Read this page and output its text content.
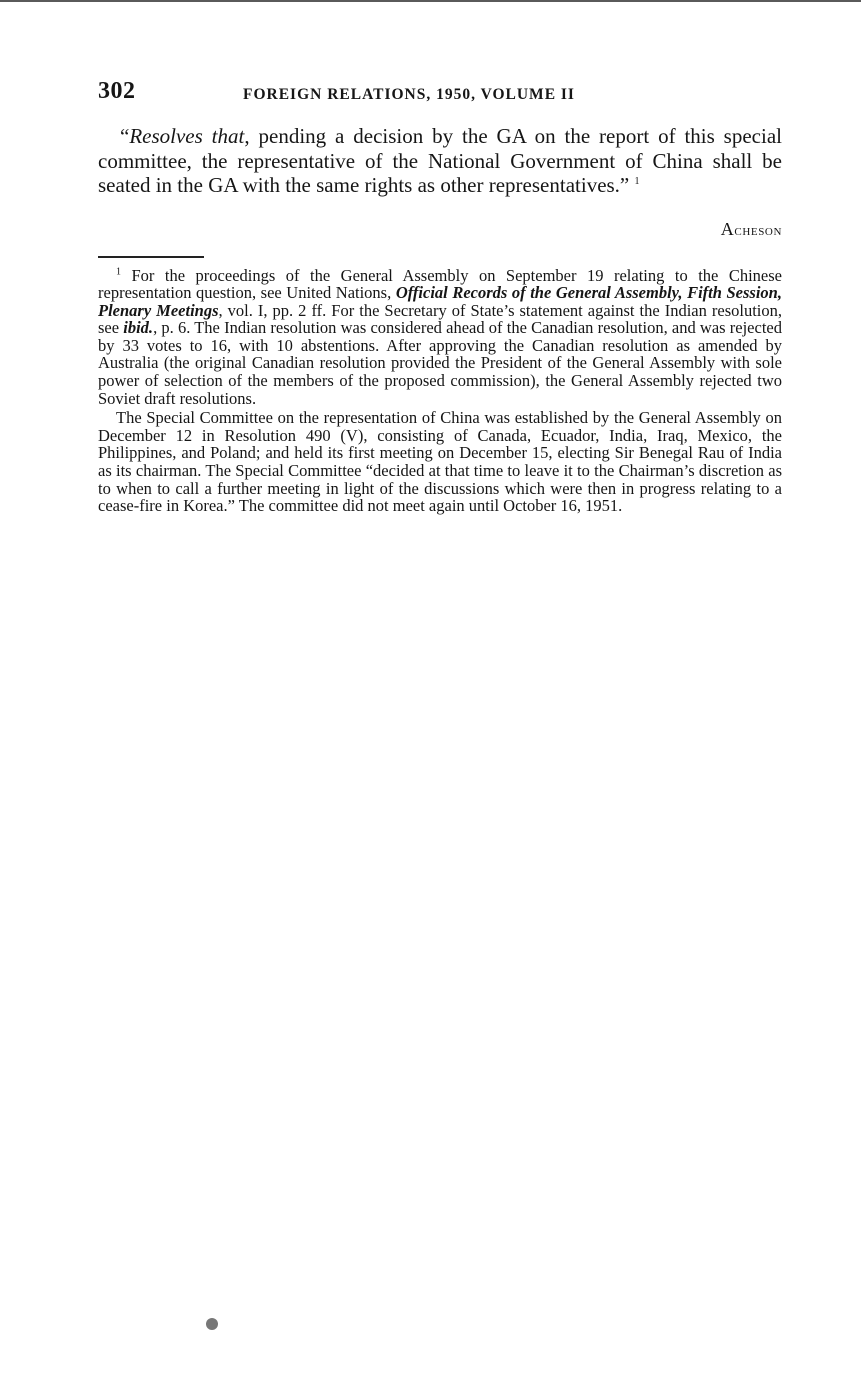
302	FOREIGN RELATIONS, 1950, VOLUME II

“Resolves that, pending a decision by the GA on the report of this special committee, the representative of the National Government of China shall be seated in the GA with the same rights as other representatives.” $^1$

Acheson

$^1$ For the proceedings of the General Assembly on September 19 relating to the Chinese representation question, see United Nations, Official Records of the General Assembly, Fifth Session, Plenary Meetings, vol. I, pp. 2 ff. For the Secretary of State’s statement against the Indian resolution, see ibid., p. 6. The Indian resolution was considered ahead of the Canadian resolution, and was rejected by 33 votes to 16, with 10 abstentions. After approving the Canadian resolution as amended by Australia (the original Canadian resolution provided the President of the General Assembly with sole power of selection of the members of the proposed commission), the General Assembly rejected two Soviet draft resolutions.

The Special Committee on the representation of China was established by the General Assembly on December 12 in Resolution 490 (V), consisting of Canada, Ecuador, India, Iraq, Mexico, the Philippines, and Poland; and held its first meeting on December 15, electing Sir Benegal Rau of India as its chairman. The Special Committee “decided at that time to leave it to the Chairman’s discretion as to when to call a further meeting in light of the discussions which were then in progress relating to a cease-fire in Korea.” The committee did not meet again until October 16, 1951.
